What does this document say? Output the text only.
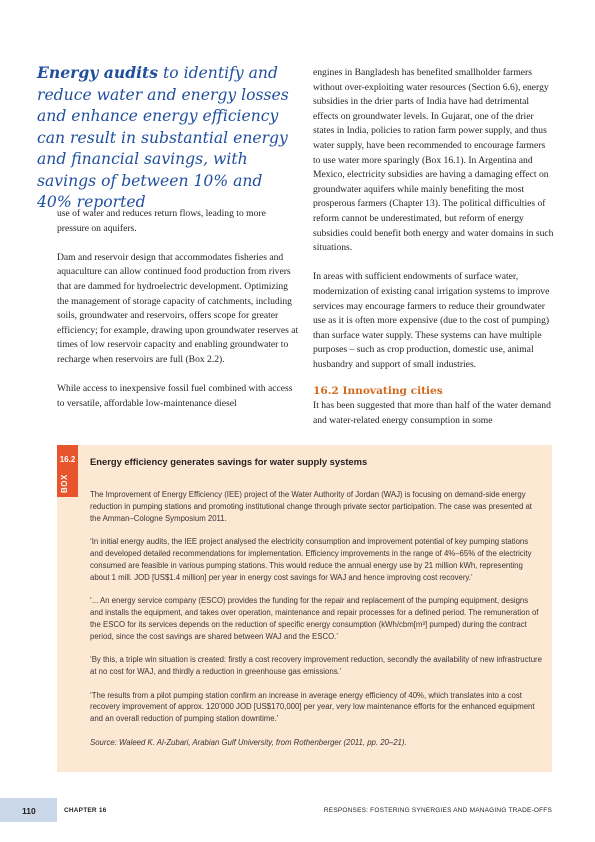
Energy audits to identify and reduce water and energy losses and enhance energy efficiency can result in substantial energy and financial savings, with savings of between 10% and 40% reported

use of water and reduces return flows, leading to more pressure on aquifers.

Dam and reservoir design that accommodates fisheries and aquaculture can allow continued food production from rivers that are dammed for hydroelectric development. Optimizing the management of storage capacity of catchments, including soils, groundwater and reservoirs, offers scope for greater efficiency; for example, drawing upon groundwater reserves at times of low reservoir capacity and enabling groundwater to recharge when reservoirs are full (Box 2.2).

While access to inexpensive fossil fuel combined with access to versatile, affordable low-maintenance diesel

engines in Bangladesh has benefited smallholder farmers without over-exploiting water resources (Section 6.6), energy subsidies in the drier parts of India have had detrimental effects on groundwater levels. In Gujarat, one of the drier states in India, policies to ration farm power supply, and thus water supply, have been recommended to encourage farmers to use water more sparingly (Box 16.1). In Argentina and Mexico, electricity subsidies are having a damaging effect on groundwater aquifers while mainly benefiting the most prosperous farmers (Chapter 13). The political difficulties of reform cannot be underestimated, but reform of energy subsidies could benefit both energy and water domains in such situations.

In areas with sufficient endowments of surface water, modernization of existing canal irrigation systems to improve services may encourage farmers to reduce their groundwater use as it is often more expensive (due to the cost of pumping) than surface water supply. These systems can have multiple purposes – such as crop production, domestic use, animal husbandry and support of small industries.

16.2 Innovating cities

It has been suggested that more than half of the water demand and water-related energy consumption in some

16.2
BOX
Energy efficiency generates savings for water supply systems

The Improvement of Energy Efficiency (IEE) project of the Water Authority of Jordan (WAJ) is focusing on demand-side energy reduction in pumping stations and promoting institutional change through private sector participation. The case was presented at the Amman–Cologne Symposium 2011.

‘In initial energy audits, the IEE project analysed the electricity consumption and improvement potential of key pumping stations and developed detailed recommendations for implementation. Efficiency improvements in the range of 4%–65% of the electricity consumed are feasible in various pumping stations. This would reduce the annual energy use by 21 million kWh, representing about 1 mill. JOD [US$1.4 million] per year in energy cost savings for WAJ and hence improving cost recovery.’

‘... An energy service company (ESCO) provides the funding for the repair and replacement of the pumping equipment, designs and installs the equipment, and takes over operation, maintenance and repair processes for a defined period. The remuneration of the ESCO for its services depends on the reduction of specific energy consumption (kWh/cbm[m³] pumped) during the contract period, since the cost savings are shared between WAJ and the ESCO.’

‘By this, a triple win situation is created: firstly a cost recovery improvement reduction, secondly the availability of new infrastructure at no cost for WAJ, and thirdly a reduction in greenhouse gas emissions.’

‘The results from a pilot pumping station confirm an increase in average energy efficiency of 40%, which translates into a cost recovery improvement of approx. 120’000 JOD [US$170,000] per year, very low maintenance efforts for the enhanced equipment and an overall reduction of pumping station downtime.’

Source: Waleed K. Al-Zubari, Arabian Gulf University, from Rothenberger (2011, pp. 20–21).

110	CHAPTER 16	RESPONSES: FOSTERING SYNERGIES AND MANAGING TRADE-OFFS
